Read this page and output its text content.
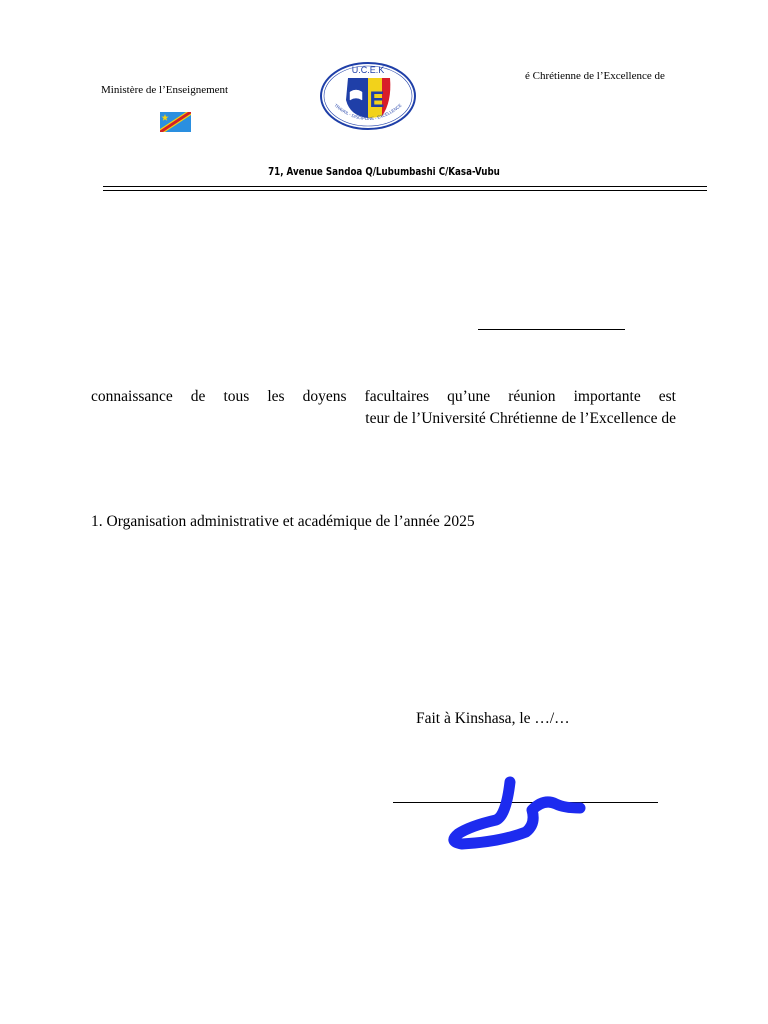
Ministère de l’Enseignement	E
U.C.E.K
TRAVAIL - DISCIPLINE - EXCELLENCE
é Chrétienne de l’Excellence de
71, Avenue Sandoa Q/Lubumbashi C/Kasa-Vubu
connaissance de tous les doyens facultaires qu’une réunion importante est
teur de l’Université Chrétienne de l’Excellence de
1. Organisation administrative et académique de l’année 2025
Fait à Kinshasa, le …/…
